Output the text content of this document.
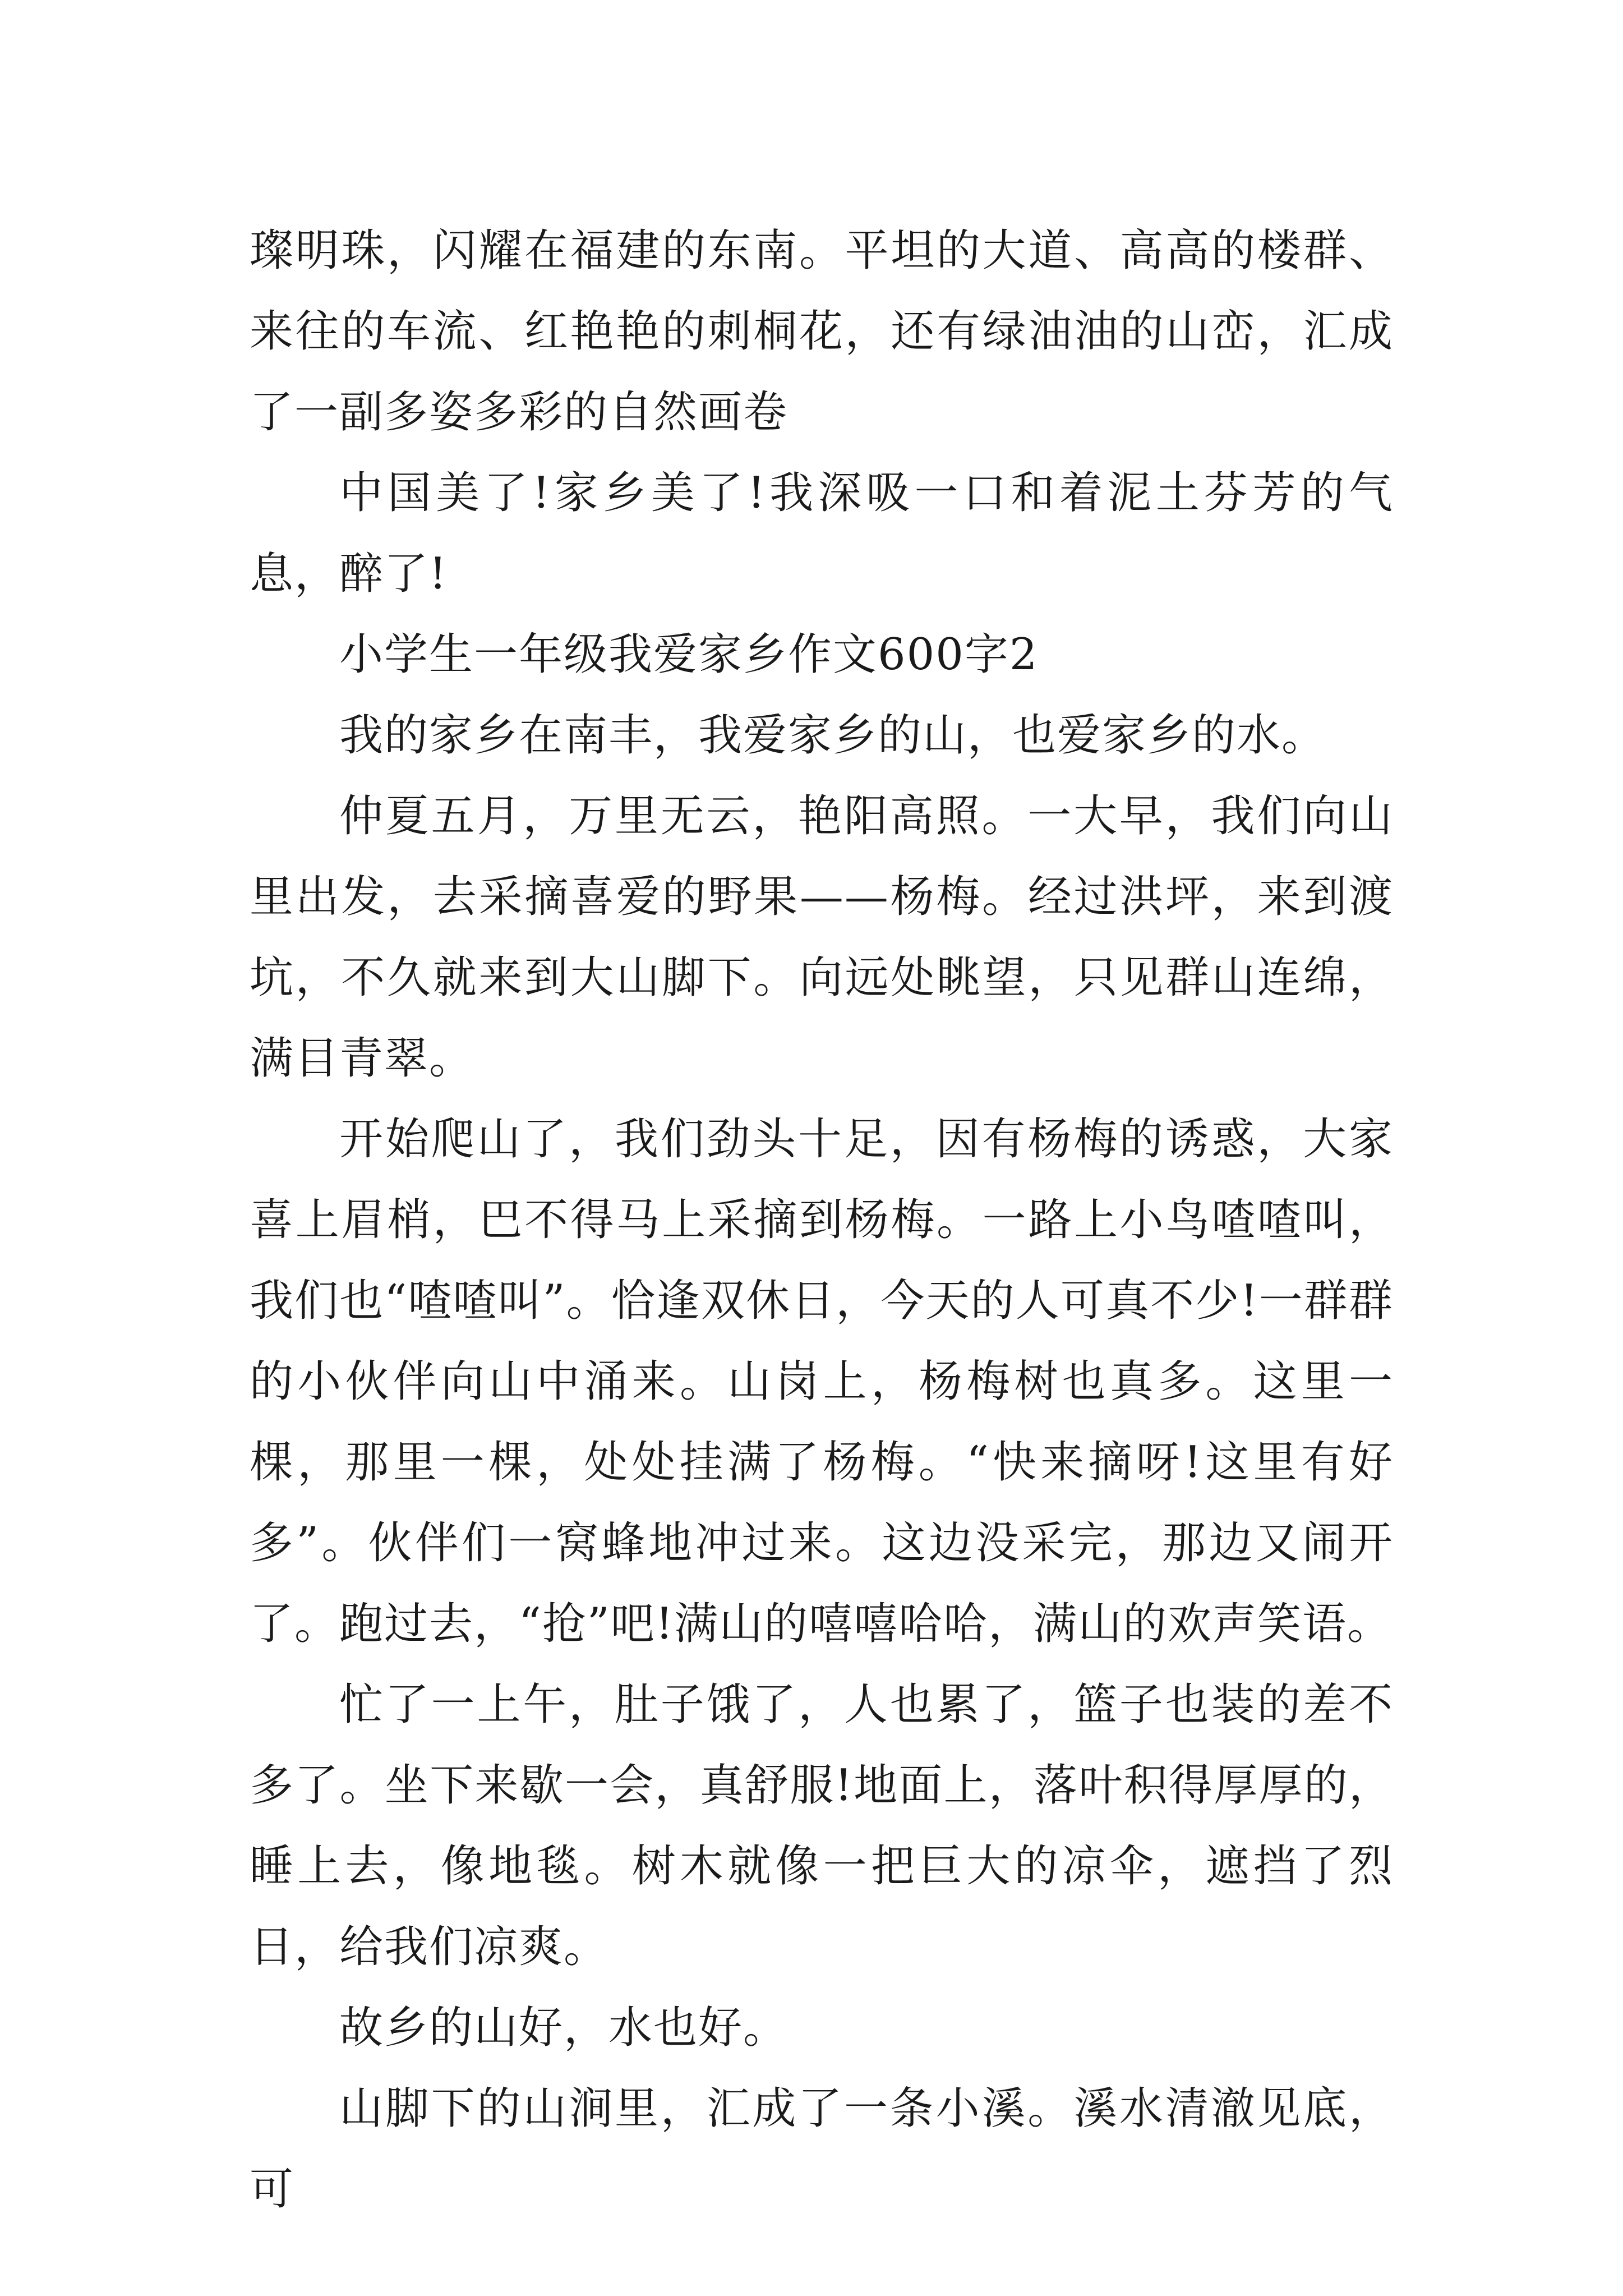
璨明珠，闪耀在福建的东南。平坦的大道、高高的楼群、来往的车流、红艳艳的刺桐花，还有绿油油的山峦，汇成了一副多姿多彩的自然画卷

中国美了!家乡美了!我深吸一口和着泥土芬芳的气息，醉了!

小学生一年级我爱家乡作文600字2

我的家乡在南丰，我爱家乡的山，也爱家乡的水。

仲夏五月，万里无云，艳阳高照。一大早，我们向山里出发，去采摘喜爱的野果——杨梅。经过洪坪，来到渡坑，不久就来到大山脚下。向远处眺望，只见群山连绵，满目青翠。

开始爬山了，我们劲头十足，因有杨梅的诱惑，大家喜上眉梢，巴不得马上采摘到杨梅。一路上小鸟喳喳叫，我们也“喳喳叫”。恰逢双休日，今天的人可真不少!一群群的小伙伴向山中涌来。山岗上，杨梅树也真多。这里一棵，那里一棵，处处挂满了杨梅。“快来摘呀!这里有好多”。伙伴们一窝蜂地冲过来。这边没采完，那边又闹开了。跑过去，“抢”吧!满山的嘻嘻哈哈，满山的欢声笑语。

忙了一上午，肚子饿了，人也累了，篮子也装的差不多了。坐下来歇一会，真舒服!地面上，落叶积得厚厚的，睡上去，像地毯。树木就像一把巨大的凉伞，遮挡了烈日，给我们凉爽。

故乡的山好，水也好。

山脚下的山涧里，汇成了一条小溪。溪水清澈见底，可
